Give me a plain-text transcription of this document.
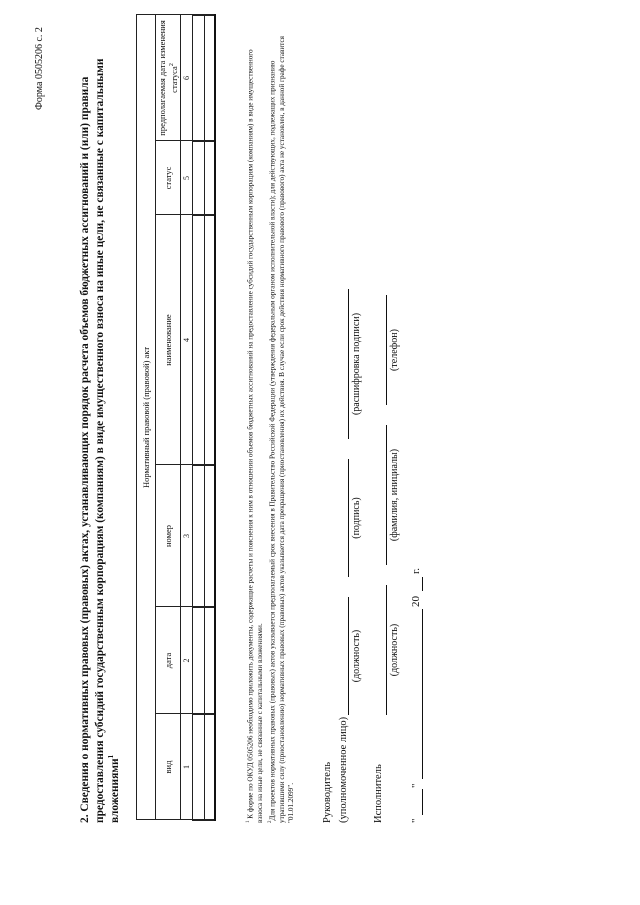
Форма 0505206 с. 2
2. Сведения о нормативных правовых (правовых) актах, устанавливающих порядок расчета объемов бюджетных ассигнований и (или) правила предоставления субсидий государственным корпорациям (компаниям) в виде имущественного взноса на иные цели, не связанные с капитальными вложениями$^1$
Нормативный правовой (правовой) акт					
вид	дата	номер	наименование	статус	предполагаемая дата изменения статуса$^2$
1	2	3	4	5	6

$^1$ К форме по ОКУД 0505206 необходимо приложить документы, содержащие расчеты и пояснения к ним в отношении объемов бюджетных ассигнований на предоставление субсидий государственным корпорациям (компаниям) в виде имущественного взноса на иные цели, не связанные с капитальными вложениями. $^2$Для проектов нормативных правовых (правовых) актов указывается предполагаемый срок внесения в Правительство Российской Федерации (утверждения федеральным органом исполнительной власти); для действующих, подлежащих признанию утратившими силу (приостановлению) нормативных правовых (правовых) актов указывается дата прекращения (приостановления) их действия. В случае если срок действия нормативного правового (правового) акта не установлен, в данной графе ставится "01.01.2099".	Руководитель (уполномоченное лицо)
(должность)
(подпись)
(расшифровка подписи)
Исполнитель
(должность)
(фамилия, инициалы)
(телефон)
"
"
20
г.
